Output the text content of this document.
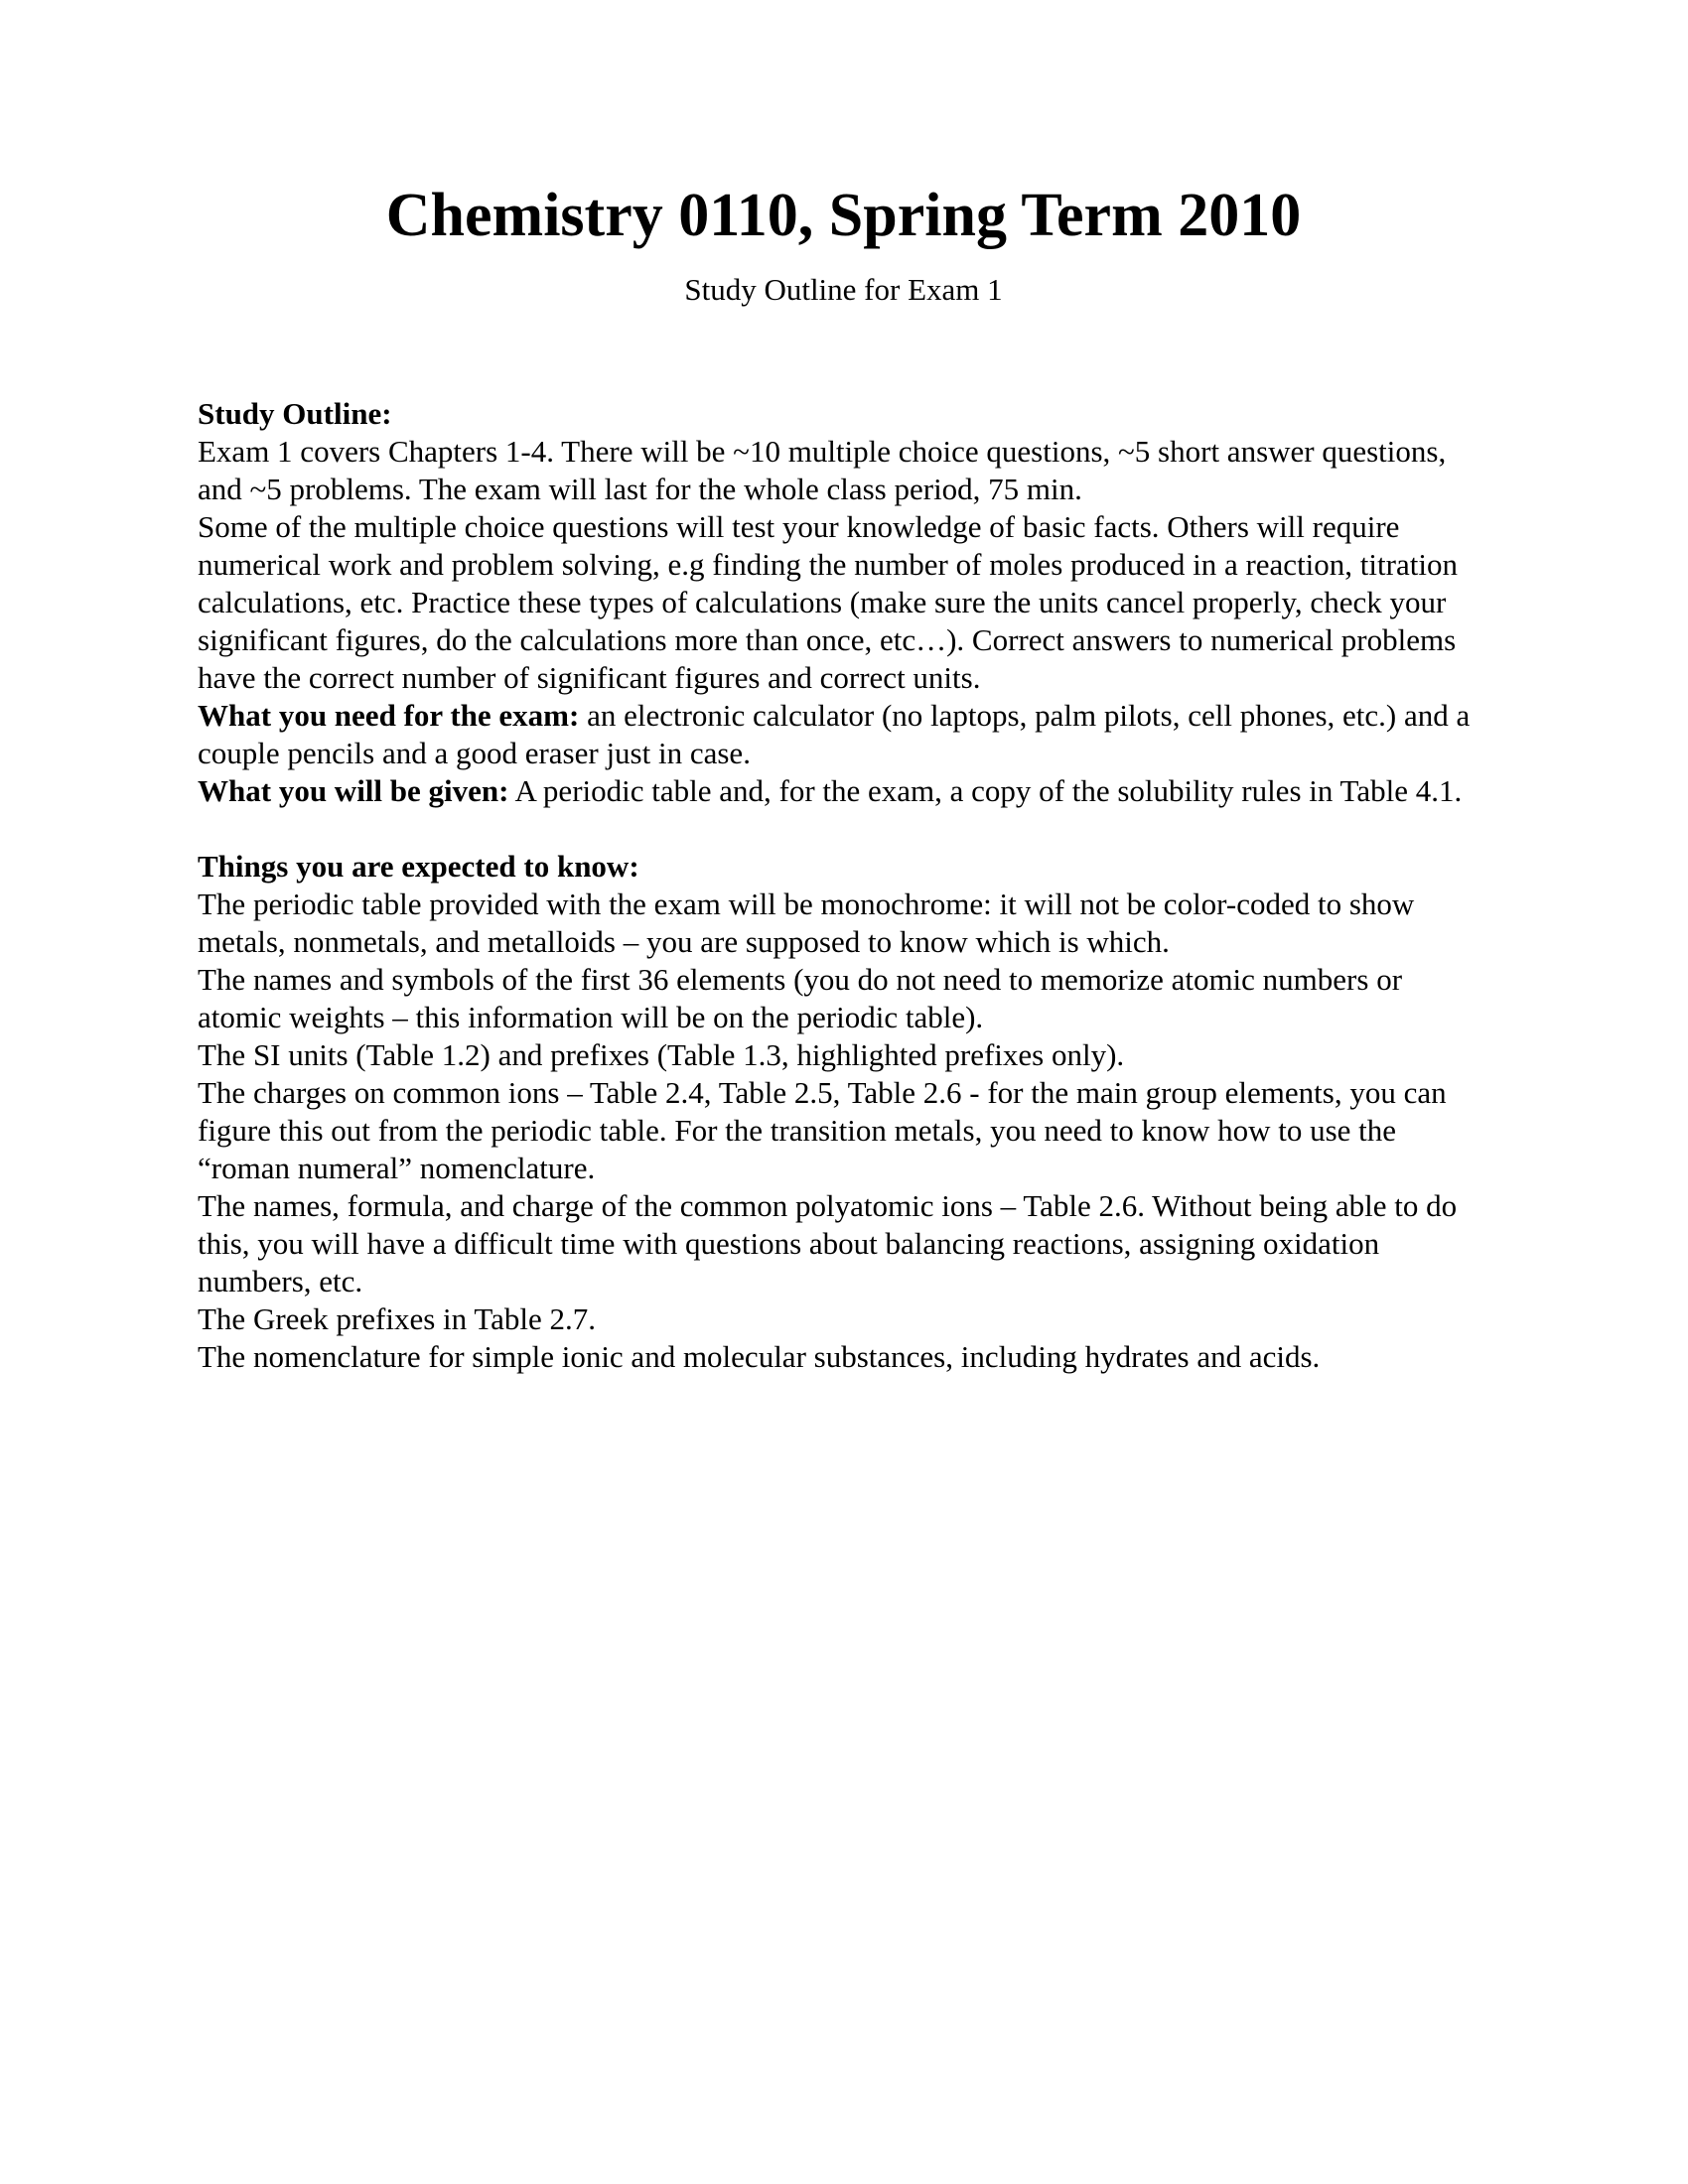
Chemistry 0110, Spring Term 2010
Study Outline for Exam 1
Study Outline:

Exam 1 covers Chapters 1-4. There will be ~10 multiple choice questions, ~5 short answer questions, and ~5 problems. The exam will last for the whole class period, 75 min.

Some of the multiple choice questions will test your knowledge of basic facts. Others will require numerical work and problem solving, e.g finding the number of moles produced in a reaction, titration calculations, etc. Practice these types of calculations (make sure the units cancel properly, check your significant figures, do the calculations more than once, etc…). Correct answers to numerical problems have the correct number of significant figures and correct units.

What you need for the exam: an electronic calculator (no laptops, palm pilots, cell phones, etc.) and a couple pencils and a good eraser just in case.

What you will be given: A periodic table and, for the exam, a copy of the solubility rules in Table 4.1.

Things you are expected to know:

The periodic table provided with the exam will be monochrome: it will not be color-coded to show metals, nonmetals, and metalloids – you are supposed to know which is which.

The names and symbols of the first 36 elements (you do not need to memorize atomic numbers or atomic weights – this information will be on the periodic table).

The SI units (Table 1.2) and prefixes (Table 1.3, highlighted prefixes only).

The charges on common ions – Table 2.4, Table 2.5, Table 2.6 - for the main group elements, you can figure this out from the periodic table. For the transition metals, you need to know how to use the “roman numeral” nomenclature.

The names, formula, and charge of the common polyatomic ions – Table 2.6. Without being able to do this, you will have a difficult time with questions about balancing reactions, assigning oxidation numbers, etc.

The Greek prefixes in Table 2.7.

The nomenclature for simple ionic and molecular substances, including hydrates and acids.
